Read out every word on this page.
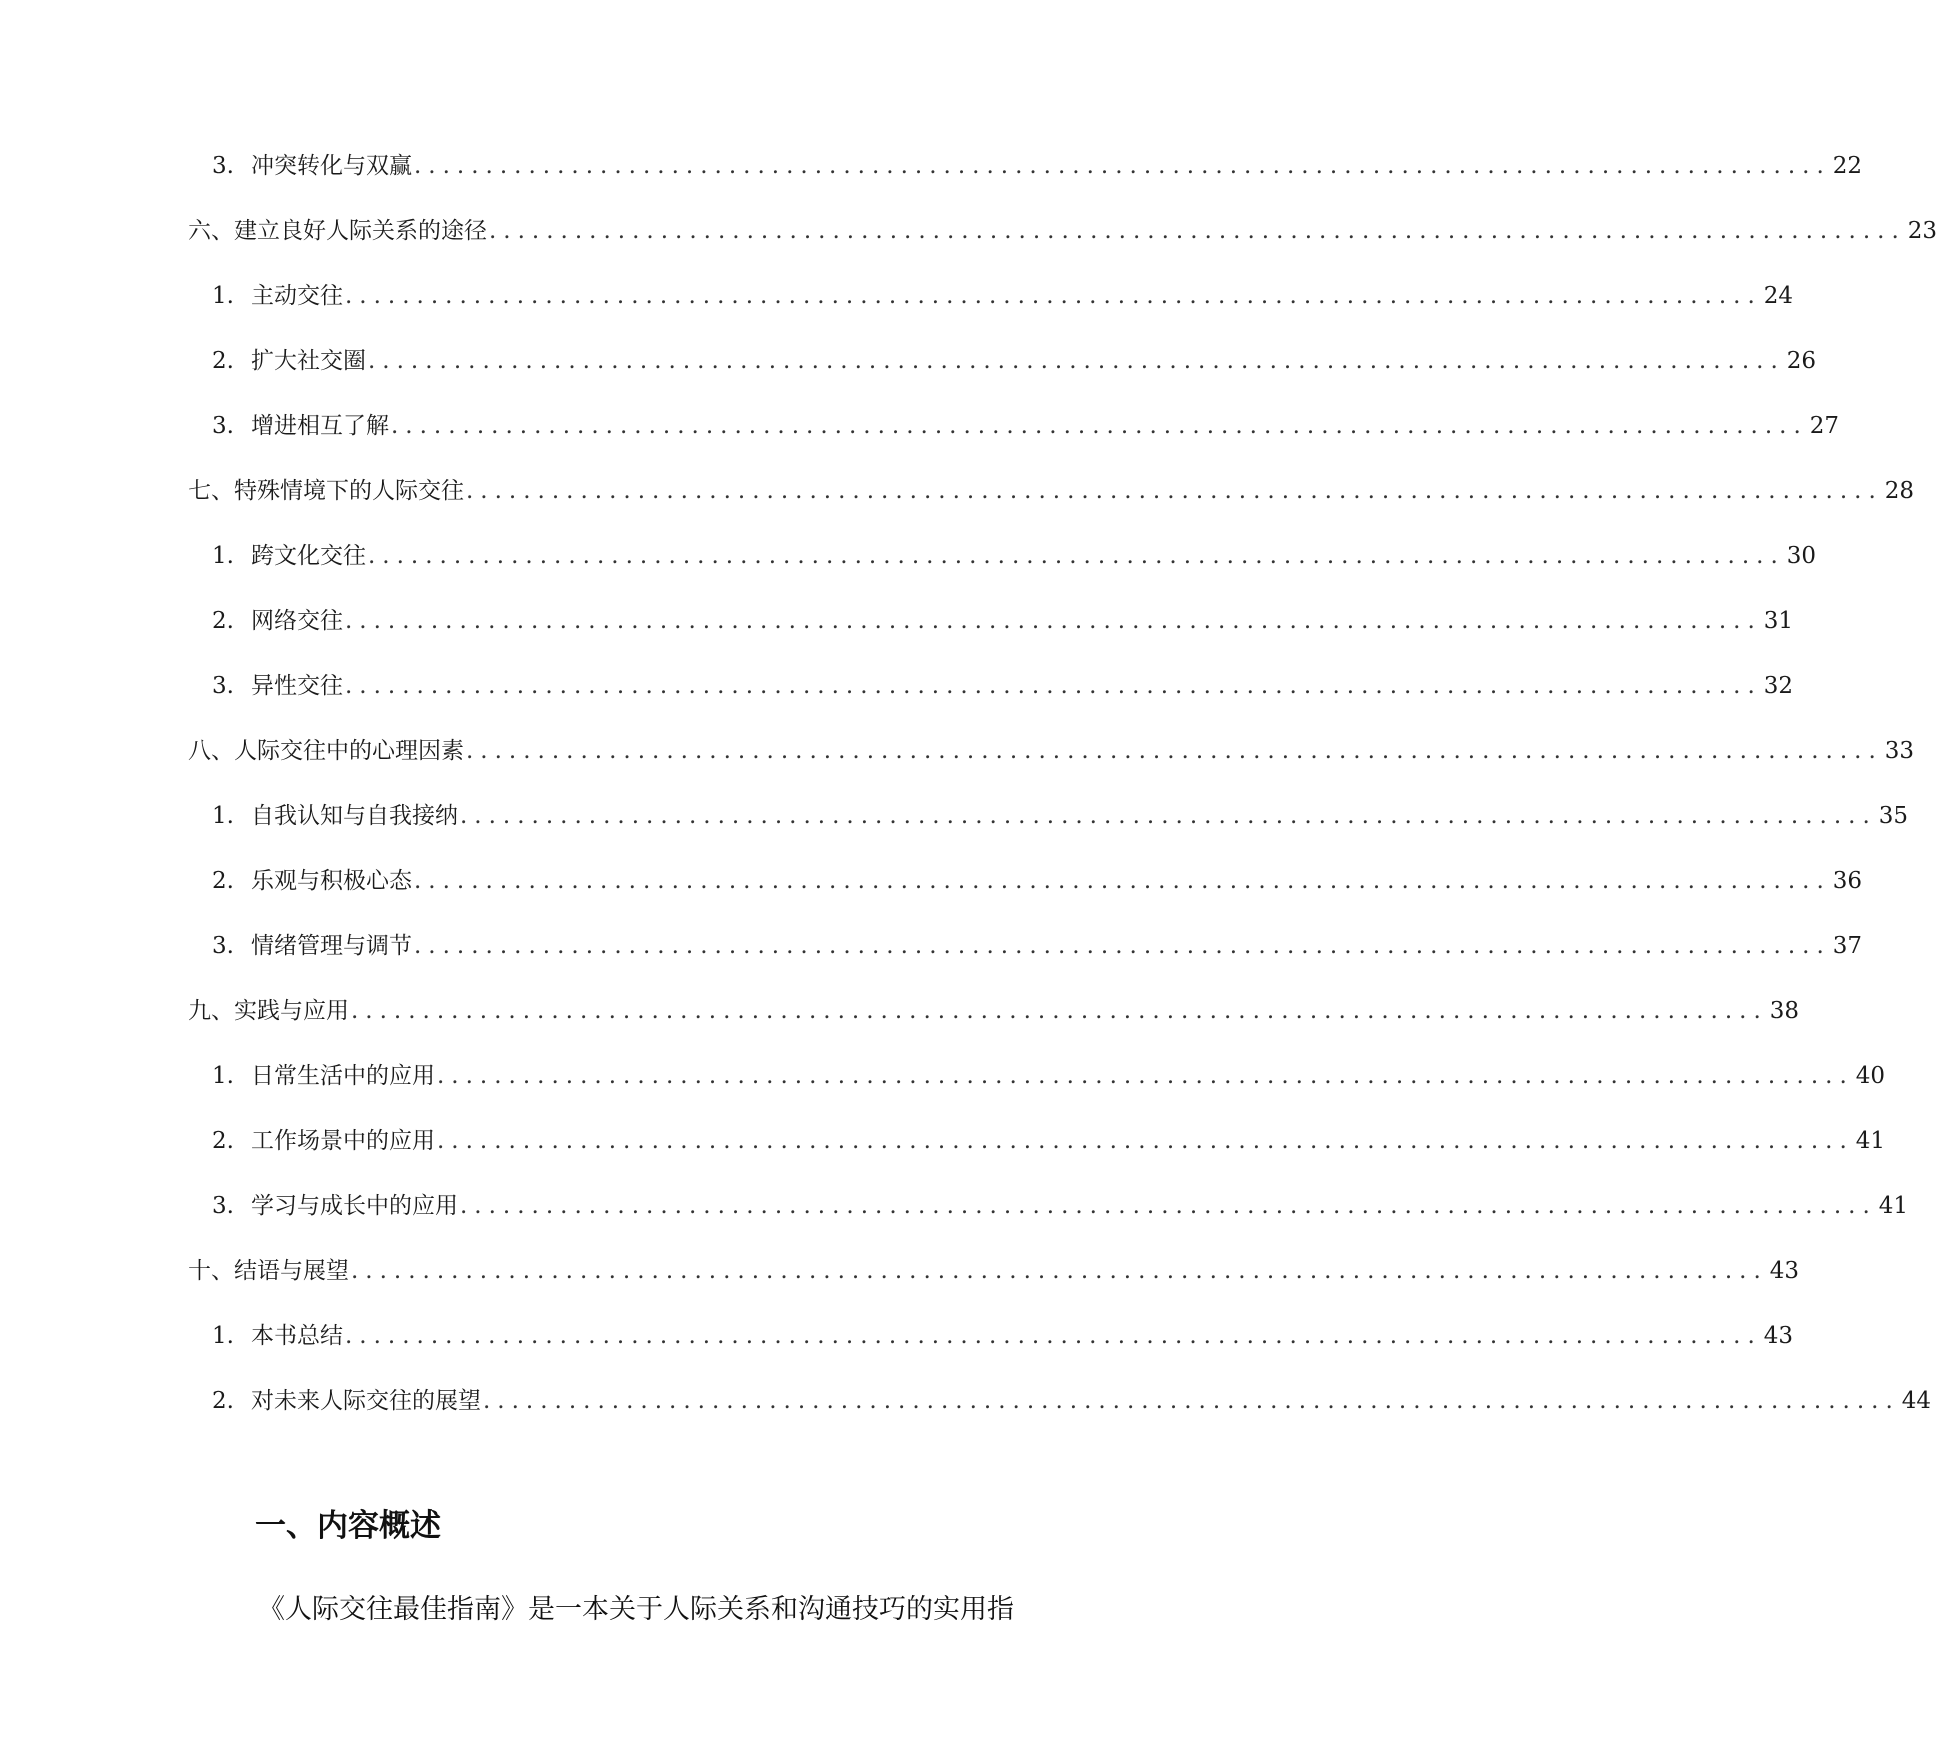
3. 冲突转化与双赢 ................................................................................................... 22
六、建立良好人际关系的途径 ................................................................................................... 23
1. 主动交往 ................................................................................................... 24
2. 扩大社交圈 ................................................................................................... 26
3. 增进相互了解 ................................................................................................... 27
七、特殊情境下的人际交往 ................................................................................................... 28
1. 跨文化交往 ................................................................................................... 30
2. 网络交往 ................................................................................................... 31
3. 异性交往 ................................................................................................... 32
八、人际交往中的心理因素 ................................................................................................... 33
1. 自我认知与自我接纳 ................................................................................................... 35
2. 乐观与积极心态 ................................................................................................... 36
3. 情绪管理与调节 ................................................................................................... 37
九、实践与应用 ................................................................................................... 38
1. 日常生活中的应用 ................................................................................................... 40
2. 工作场景中的应用 ................................................................................................... 41
3. 学习与成长中的应用 ................................................................................................... 41
十、结语与展望 ................................................................................................... 43
1. 本书总结 ................................................................................................... 43
2. 对未来人际交往的展望 ................................................................................................... 44
一、内容概述

《人际交往最佳指南》是一本关于人际关系和沟通技巧的实用指
